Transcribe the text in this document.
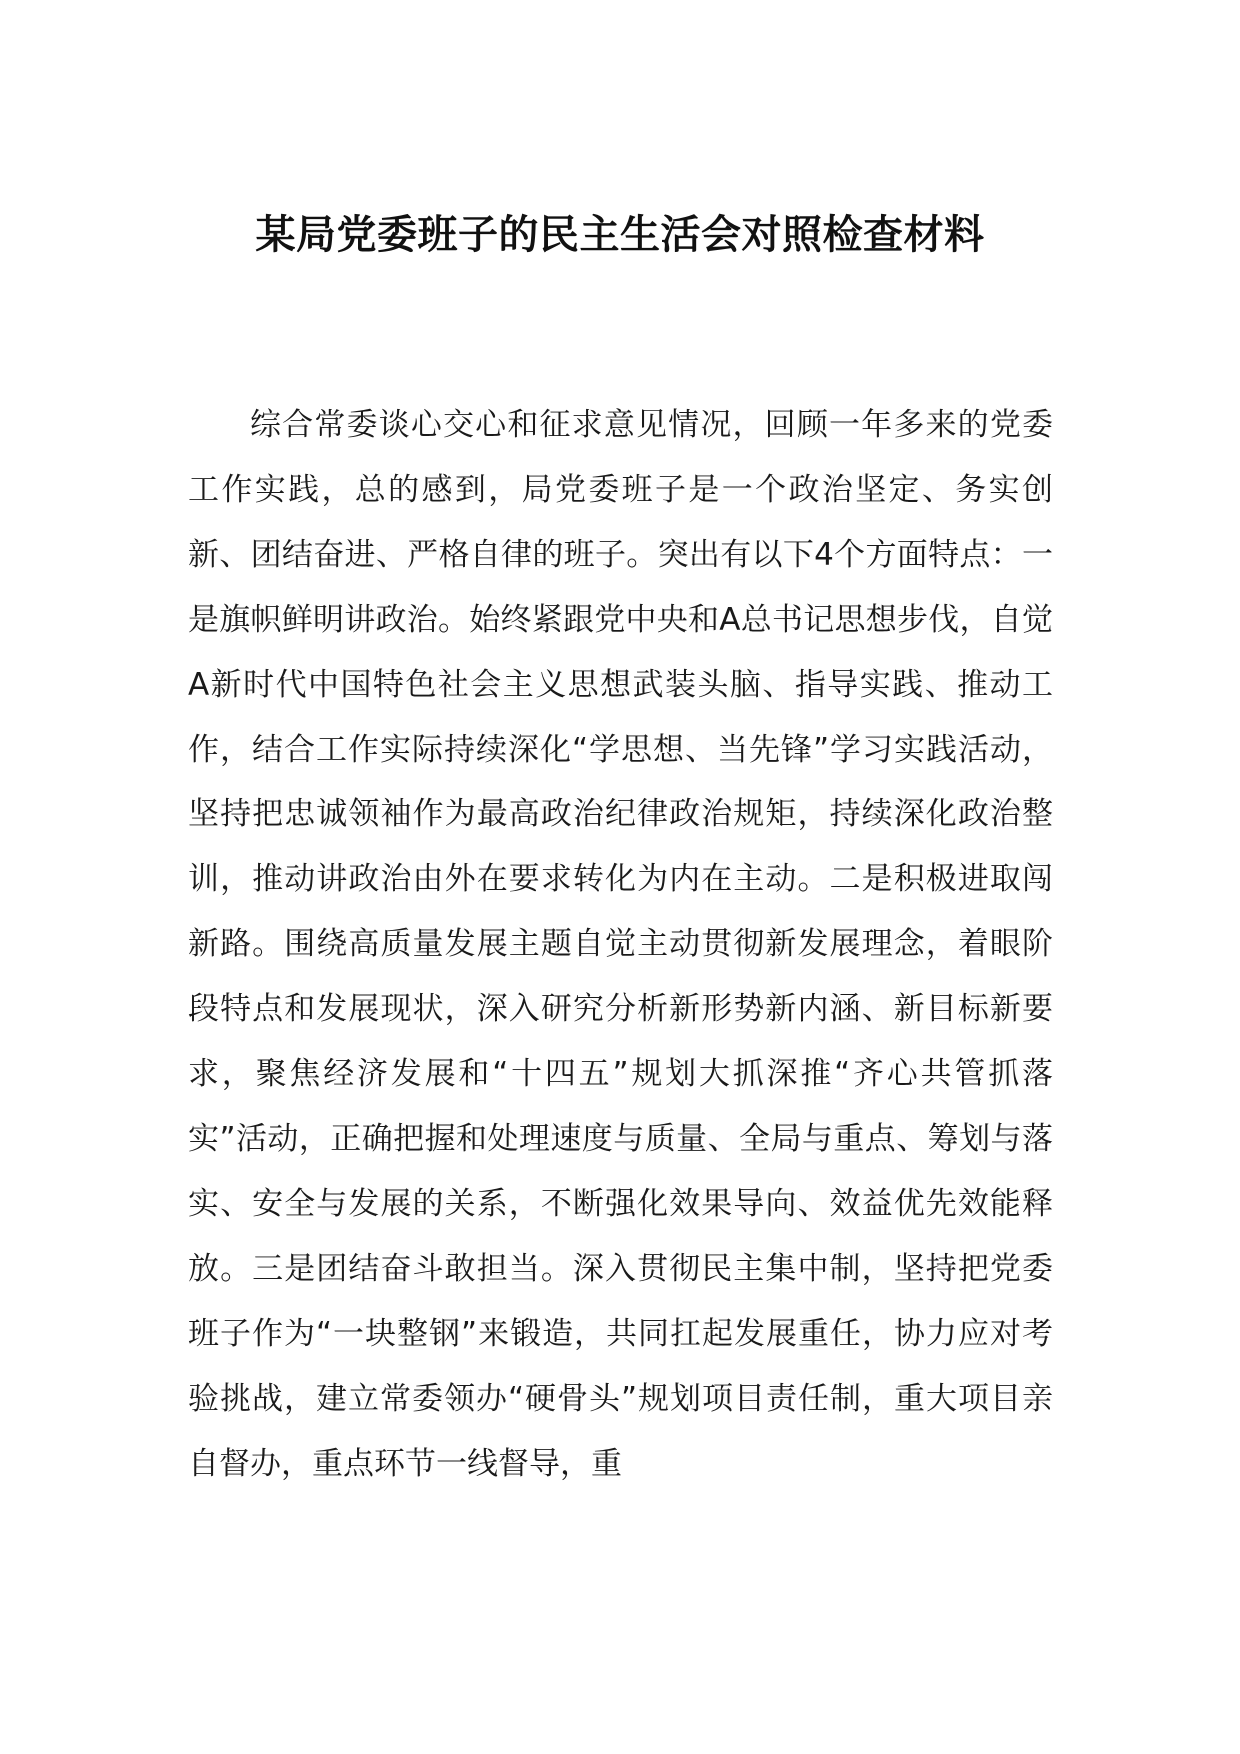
某局党委班子的民主生活会对照检查材料

综合常委谈心交心和征求意见情况，回顾一年多来的党委工作实践，总的感到，局党委班子是一个政治坚定、务实创新、团结奋进、严格自律的班子。突出有以下4个方面特点：一是旗帜鲜明讲政治。始终紧跟党中央和A总书记思想步伐，自觉A新时代中国特色社会主义思想武装头脑、指导实践、推动工作，结合工作实际持续深化“学思想、当先锋”学习实践活动，坚持把忠诚领袖作为最高政治纪律政治规矩，持续深化政治整训，推动讲政治由外在要求转化为内在主动。二是积极进取闯新路。围绕高质量发展主题自觉主动贯彻新发展理念，着眼阶段特点和发展现状，深入研究分析新形势新内涵、新目标新要求，聚焦经济发展和“十四五”规划大抓深推“齐心共管抓落实”活动，正确把握和处理速度与质量、全局与重点、筹划与落实、安全与发展的关系，不断强化效果导向、效益优先效能释放。三是团结奋斗敢担当。深入贯彻民主集中制，坚持把党委班子作为“一块整钢”来锻造，共同扛起发展重任，协力应对考验挑战，建立常委领办“硬骨头”规划项目责任制，重大项目亲自督办，重点环节一线督导，重
